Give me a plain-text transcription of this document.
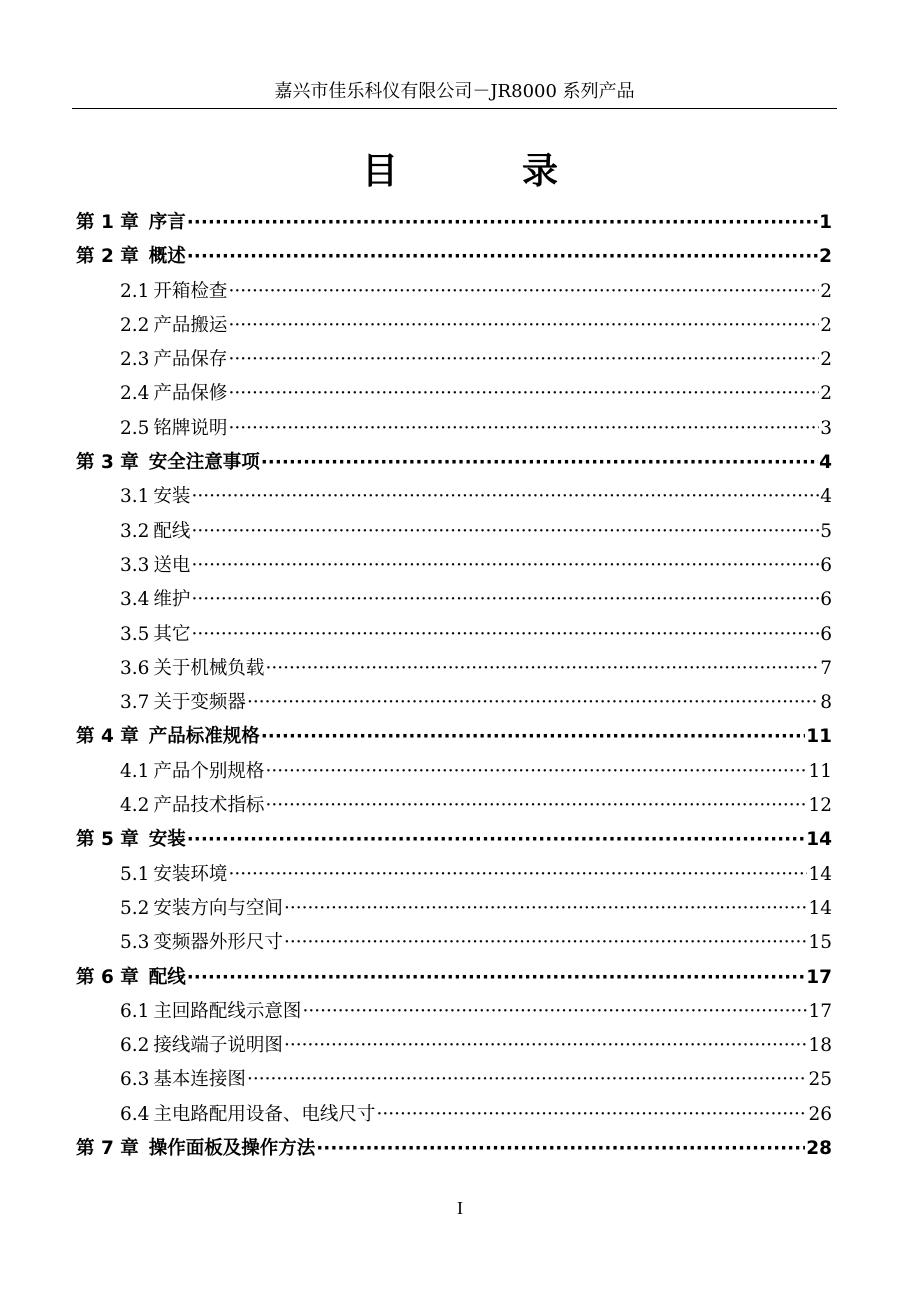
嘉兴市佳乐科仪有限公司－JR8000 系列产品
目　录
第 1 章 序言 ·····	1
第 2 章 概述 ·····	2
2.1 开箱检查 ·····	2
2.2 产品搬运 ·····	2
2.3 产品保存 ·····	2
2.4 产品保修 ·····	2
2.5 铭牌说明 ·····	3
第 3 章 安全注意事项 ·····	4
3.1 安装 ·····	4
3.2 配线 ·····	5
3.3 送电 ·····	6
3.4 维护 ·····	6
3.5 其它 ·····	6
3.6 关于机械负载 ·····	7
3.7 关于变频器 ·····	8
第 4 章 产品标准规格 ·····	11
4.1 产品个别规格 ·····	11
4.2 产品技术指标 ·····	12
第 5 章 安装 ·····	14
5.1 安装环境 ·····	14
5.2 安装方向与空间 ·····	14
5.3 变频器外形尺寸 ·····	15
第 6 章 配线 ·····	17
6.1 主回路配线示意图 ·····	17
6.2 接线端子说明图 ·····	18
6.3 基本连接图 ·····	25
6.4 主电路配用设备、电线尺寸 ·····	26
第 7 章 操作面板及操作方法 ·····	28
I
